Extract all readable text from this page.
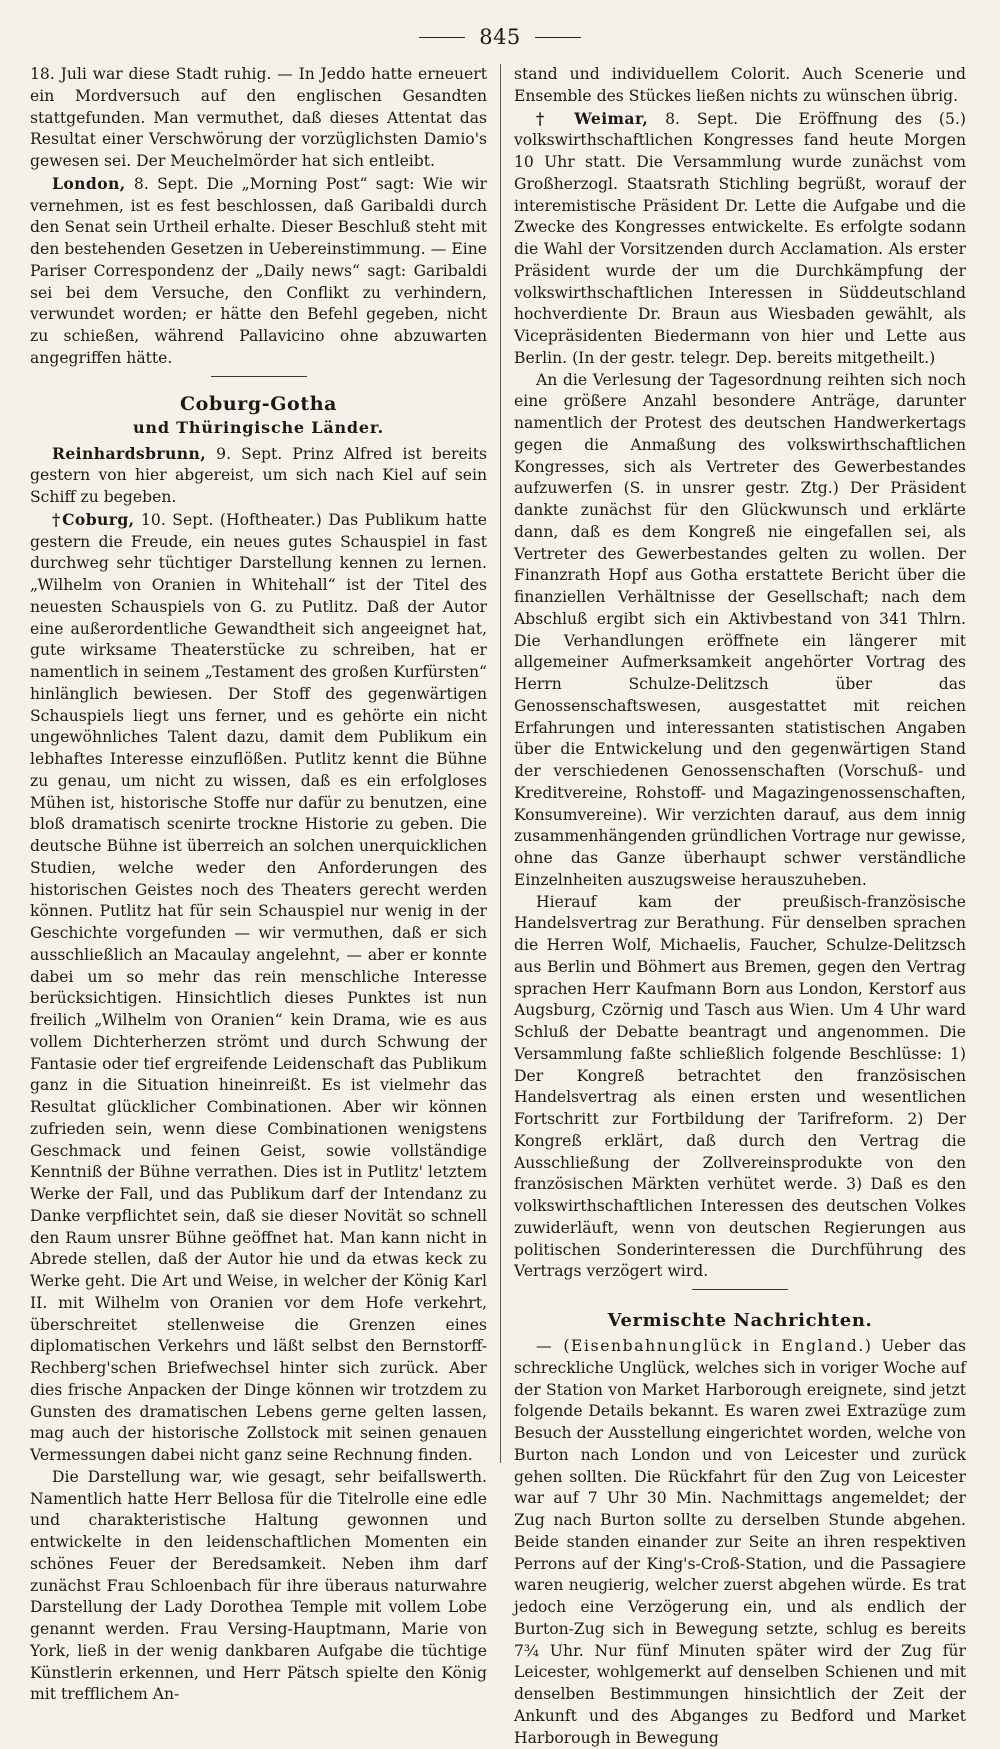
845

18. Juli war diese Stadt ruhig. — In Jeddo hatte erneuert ein Mordversuch auf den englischen Gesandten stattgefunden. Man vermuthet, daß dieses Attentat das Resultat einer Verschwörung der vorzüglichsten Damio's gewesen sei. Der Meuchelmörder hat sich entleibt.

London, 8. Sept. Die „Morning Post“ sagt: Wie wir vernehmen, ist es fest beschlossen, daß Garibaldi durch den Senat sein Urtheil erhalte. Dieser Beschluß steht mit den bestehenden Gesetzen in Uebereinstimmung. — Eine Pariser Correspondenz der „Daily news“ sagt: Garibaldi sei bei dem Versuche, den Conflikt zu verhindern, verwundet worden; er hätte den Befehl gegeben, nicht zu schießen, während Pallavicino ohne abzuwarten angegriffen hätte.

Coburg-Gotha
und Thüringische Länder.

Reinhardsbrunn, 9. Sept. Prinz Alfred ist bereits gestern von hier abgereist, um sich nach Kiel auf sein Schiff zu begeben.

†Coburg, 10. Sept. (Hoftheater.) Das Publikum hatte gestern die Freude, ein neues gutes Schauspiel in fast durchweg sehr tüchtiger Darstellung kennen zu lernen. „Wilhelm von Oranien in Whitehall“ ist der Titel des neuesten Schauspiels von G. zu Putlitz. Daß der Autor eine außerordentliche Gewandtheit sich angeeignet hat, gute wirksame Theaterstücke zu schreiben, hat er namentlich in seinem „Testament des großen Kurfürsten“ hinlänglich bewiesen. Der Stoff des gegenwärtigen Schauspiels liegt uns ferner, und es gehörte ein nicht ungewöhnliches Talent dazu, damit dem Publikum ein lebhaftes Interesse einzuflößen. Putlitz kennt die Bühne zu genau, um nicht zu wissen, daß es ein erfolgloses Mühen ist, historische Stoffe nur dafür zu benutzen, eine bloß dramatisch scenirte trockne Historie zu geben. Die deutsche Bühne ist überreich an solchen unerquicklichen Studien, welche weder den Anforderungen des historischen Geistes noch des Theaters gerecht werden können. Putlitz hat für sein Schauspiel nur wenig in der Geschichte vorgefunden — wir vermuthen, daß er sich ausschließlich an Macaulay angelehnt, — aber er konnte dabei um so mehr das rein menschliche Interesse berücksichtigen. Hinsichtlich dieses Punktes ist nun freilich „Wilhelm von Oranien“ kein Drama, wie es aus vollem Dichterherzen strömt und durch Schwung der Fantasie oder tief ergreifende Leidenschaft das Publikum ganz in die Situation hineinreißt. Es ist vielmehr das Resultat glücklicher Combinationen. Aber wir können zufrieden sein, wenn diese Combinationen wenigstens Geschmack und feinen Geist, sowie vollständige Kenntniß der Bühne verrathen. Dies ist in Putlitz' letztem Werke der Fall, und das Publikum darf der Intendanz zu Danke verpflichtet sein, daß sie dieser Novität so schnell den Raum unsrer Bühne geöffnet hat. Man kann nicht in Abrede stellen, daß der Autor hie und da etwas keck zu Werke geht. Die Art und Weise, in welcher der König Karl II. mit Wilhelm von Oranien vor dem Hofe verkehrt, überschreitet stellenweise die Grenzen eines diplomatischen Verkehrs und läßt selbst den Bernstorff-Rechberg'schen Briefwechsel hinter sich zurück. Aber dies frische Anpacken der Dinge können wir trotzdem zu Gunsten des dramatischen Lebens gerne gelten lassen, mag auch der historische Zollstock mit seinen genauen Vermessungen dabei nicht ganz seine Rechnung finden.

Die Darstellung war, wie gesagt, sehr beifallswerth. Namentlich hatte Herr Bellosa für die Titelrolle eine edle und charakteristische Haltung gewonnen und entwickelte in den leidenschaftlichen Momenten ein schönes Feuer der Beredsamkeit. Neben ihm darf zunächst Frau Schloenbach für ihre überaus naturwahre Darstellung der Lady Dorothea Temple mit vollem Lobe genannt werden. Frau Versing-Hauptmann, Marie von York, ließ in der wenig dankbaren Aufgabe die tüchtige Künstlerin erkennen, und Herr Pätsch spielte den König mit trefflichem An-

stand und individuellem Colorit. Auch Scenerie und Ensemble des Stückes ließen nichts zu wünschen übrig.

† Weimar, 8. Sept. Die Eröffnung des (5.) volkswirthschaftlichen Kongresses fand heute Morgen 10 Uhr statt. Die Versammlung wurde zunächst vom Großherzogl. Staatsrath Stichling begrüßt, worauf der interemistische Präsident Dr. Lette die Aufgabe und die Zwecke des Kongresses entwickelte. Es erfolgte sodann die Wahl der Vorsitzenden durch Acclamation. Als erster Präsident wurde der um die Durchkämpfung der volkswirthschaftlichen Interessen in Süddeutschland hochverdiente Dr. Braun aus Wiesbaden gewählt, als Vicepräsidenten Biedermann von hier und Lette aus Berlin. (In der gestr. telegr. Dep. bereits mitgetheilt.)

An die Verlesung der Tagesordnung reihten sich noch eine größere Anzahl besondere Anträge, darunter namentlich der Protest des deutschen Handwerkertags gegen die Anmaßung des volkswirthschaftlichen Kongresses, sich als Vertreter des Gewerbestandes aufzuwerfen (S. in unsrer gestr. Ztg.) Der Präsident dankte zunächst für den Glückwunsch und erklärte dann, daß es dem Kongreß nie eingefallen sei, als Vertreter des Gewerbestandes gelten zu wollen. Der Finanzrath Hopf aus Gotha erstattete Bericht über die finanziellen Verhältnisse der Gesellschaft; nach dem Abschluß ergibt sich ein Aktivbestand von 341 Thlrn. Die Verhandlungen eröffnete ein längerer mit allgemeiner Aufmerksamkeit angehörter Vortrag des Herrn Schulze-Delitzsch über das Genossenschaftswesen, ausgestattet mit reichen Erfahrungen und interessanten statistischen Angaben über die Entwickelung und den gegenwärtigen Stand der verschiedenen Genossenschaften (Vorschuß- und Kreditvereine, Rohstoff- und Magazingenossenschaften, Konsumvereine). Wir verzichten darauf, aus dem innig zusammenhängenden gründlichen Vortrage nur gewisse, ohne das Ganze überhaupt schwer verständliche Einzelnheiten auszugsweise herauszuheben.

Hierauf kam der preußisch-französische Handelsvertrag zur Berathung. Für denselben sprachen die Herren Wolf, Michaelis, Faucher, Schulze-Delitzsch aus Berlin und Böhmert aus Bremen, gegen den Vertrag sprachen Herr Kaufmann Born aus London, Kerstorf aus Augsburg, Czörnig und Tasch aus Wien. Um 4 Uhr ward Schluß der Debatte beantragt und angenommen. Die Versammlung faßte schließlich folgende Beschlüsse: 1) Der Kongreß betrachtet den französischen Handelsvertrag als einen ersten und wesentlichen Fortschritt zur Fortbildung der Tarifreform. 2) Der Kongreß erklärt, daß durch den Vertrag die Ausschließung der Zollvereinsprodukte von den französischen Märkten verhütet werde. 3) Daß es den volkswirthschaftlichen Interessen des deutschen Volkes zuwiderläuft, wenn von deutschen Regierungen aus politischen Sonderinteressen die Durchführung des Vertrags verzögert wird.

Vermischte Nachrichten.

— (Eisenbahnunglück in England.) Ueber das schreckliche Unglück, welches sich in voriger Woche auf der Station von Market Harborough ereignete, sind jetzt folgende Details bekannt. Es waren zwei Extrazüge zum Besuch der Ausstellung eingerichtet worden, welche von Burton nach London und von Leicester und zurück gehen sollten. Die Rückfahrt für den Zug von Leicester war auf 7 Uhr 30 Min. Nachmittags angemeldet; der Zug nach Burton sollte zu derselben Stunde abgehen. Beide standen einander zur Seite an ihren respektiven Perrons auf der King's-Croß-Station, und die Passagiere waren neugierig, welcher zuerst abgehen würde. Es trat jedoch eine Verzögerung ein, und als endlich der Burton-Zug sich in Bewegung setzte, schlug es bereits 7¾ Uhr. Nur fünf Minuten später wird der Zug für Leicester, wohlgemerkt auf denselben Schienen und mit denselben Bestimmungen hinsichtlich der Zeit der Ankunft und des Abganges zu Bedford und Market Harborough in Bewegung
